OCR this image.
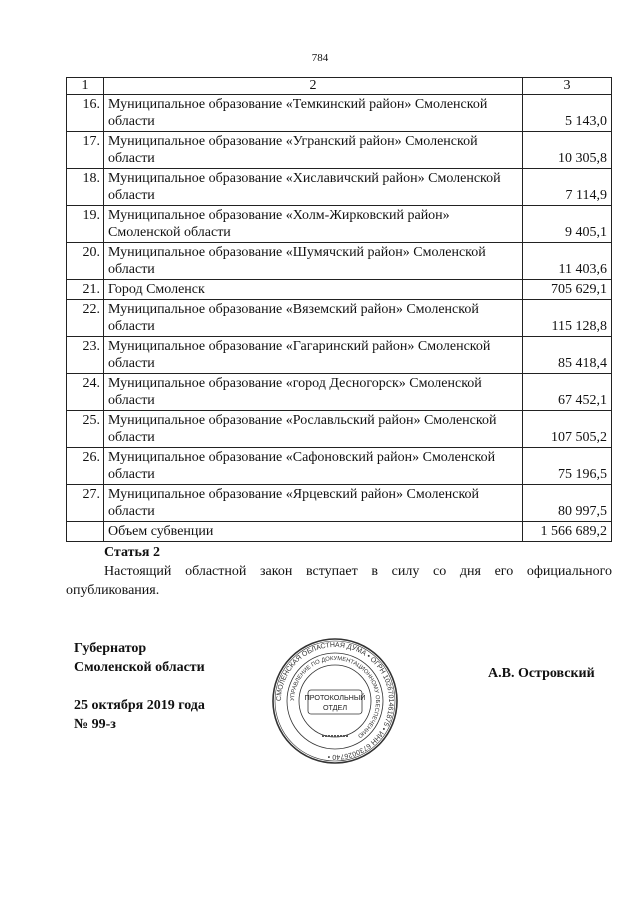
784
1	2	3
16.	Муниципальное образование «Темкинский район» Смоленской области	5 143,0
17.	Муниципальное образование «Угранский район» Смоленской области	10 305,8
18.	Муниципальное образование «Хиславичский район» Смоленской области	7 114,9
19.	Муниципальное образование «Холм-Жирковский район» Смоленской области	9 405,1
20.	Муниципальное образование «Шумячский район» Смоленской области	11 403,6
21.	Город Смоленск	705 629,1
22.	Муниципальное образование «Вяземский район» Смоленской области	115 128,8
23.	Муниципальное образование «Гагаринский район» Смоленской области	85 418,4
24.	Муниципальное образование «город Десногорск» Смоленской области	67 452,1
25.	Муниципальное образование «Рославльский район» Смоленской области	107 505,2
26.	Муниципальное образование «Сафоновский район» Смоленской области	75 196,5
27.	Муниципальное образование «Ярцевский район» Смоленской области	80 997,5
	Объем субвенции	1 566 689,2
Статья 2
Настоящий областной закон вступает в силу со дня его официального опубликования.
Губернатор
Смоленской области
25 октября 2019 года
№ 99-з
А.В. Островский
СМОЛЕНСКАЯ ОБЛАСТНАЯ ДУМА • ОГРН 1026701461875 • ИНН 6730026740 •
УПРАВЛЕНИЕ ПО ДОКУМЕНТАЦИОННОМУ ОБЕСПЕЧЕНИЮ
ПРОТОКОЛЬНЫЙ
ОТДЕЛ
